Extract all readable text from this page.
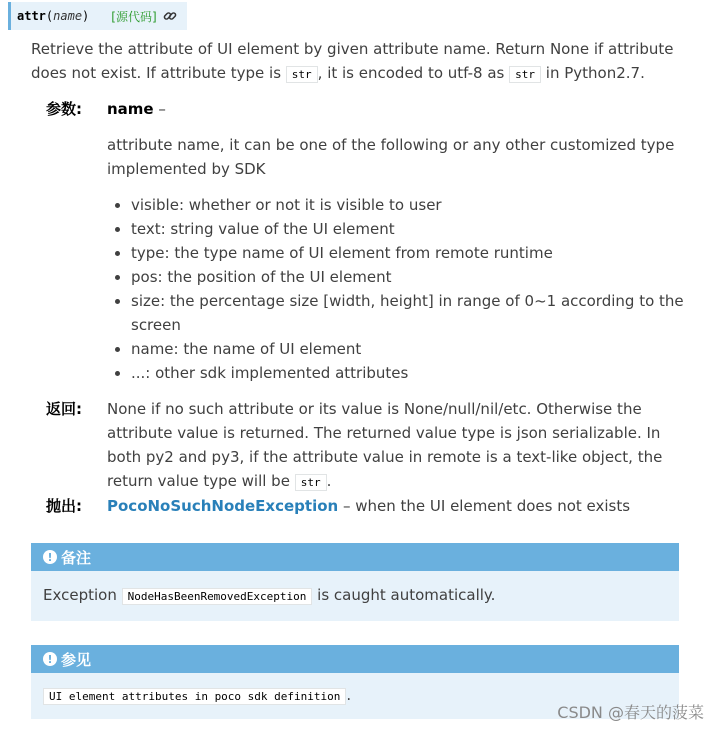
attr ( name ) [源代码]
Retrieve the attribute of UI element by given attribute name. Return None if attribute does not exist. If attribute type is str , it is encoded to utf-8 as str in Python2.7.
参数: name –
attribute name, it can be one of the following or any other customized type implemented by SDK
• visible: whether or not it is visible to user
• text: string value of the UI element
• type: the type name of UI element from remote runtime
• pos: the position of the UI element
• size: the percentage size [width, height] in range of 0~1 according to the screen
• name: the name of UI element
• ...: other sdk implemented attributes
返回: None if no such attribute or its value is None/null/nil/etc. Otherwise the attribute value is returned. The returned value type is json serializable. In both py2 and py3, if the attribute value in remote is a text-like object, the return value type will be str .
抛出: PocoNoSuchNodeException – when the UI element does not exists
! 备注
Exception NodeHasBeenRemovedException is caught automatically.
! 参见
UI element attributes in poco sdk definition .
CSDN @春天的菠菜
